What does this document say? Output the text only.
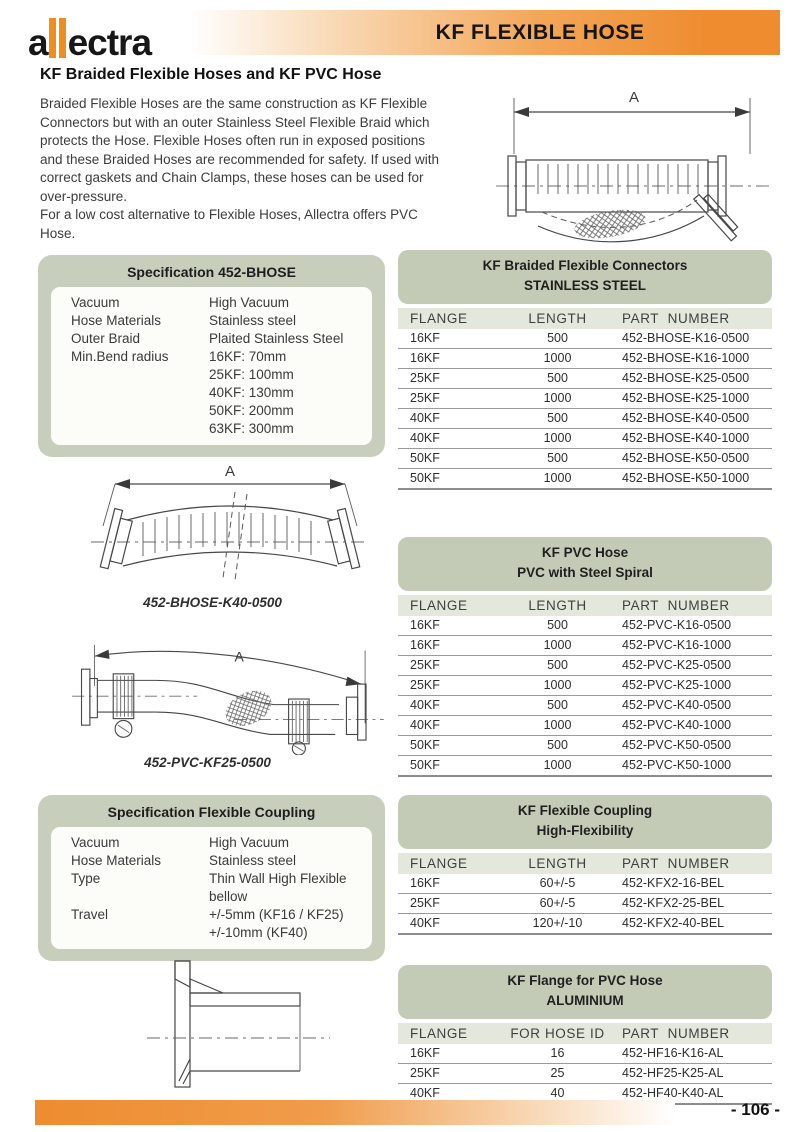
a ectra	KF FLEXIBLE HOSE
KF Braided Flexible Hoses and KF PVC Hose
Braided Flexible Hoses are the same construction as KF Flexible Connectors but with an outer Stainless Steel Flexible Braid which protects the Hose. Flexible Hoses often run in exposed positions and these Braided Hoses are recommended for safety. If used with correct gaskets and Chain Clamps, these hoses can be used for over-pressure.
For a low cost alternative to Flexible Hoses, Allectra offers PVC Hose.
A
Specification 452-BHOSE
Vacuum	High Vacuum
Hose Materials	Stainless steel
Outer Braid	Plaited Stainless Steel
Min.Bend radius	16KF: 70mm
25KF: 100mm
40KF: 130mm
50KF: 200mm
63KF: 300mm
KF Braided Flexible Connectors
STAINLESS STEEL
FLANGE	LENGTH	PART  NUMBER
16KF	500	452-BHOSE-K16-0500
16KF	1000	452-BHOSE-K16-1000
25KF	500	452-BHOSE-K25-0500
25KF	1000	452-BHOSE-K25-1000
40KF	500	452-BHOSE-K40-0500
40KF	1000	452-BHOSE-K40-1000
50KF	500	452-BHOSE-K50-0500
50KF	1000	452-BHOSE-K50-1000
A
452-BHOSE-K40-0500
KF PVC Hose
PVC with Steel Spiral
FLANGE	LENGTH	PART  NUMBER
16KF	500	452-PVC-K16-0500
16KF	1000	452-PVC-K16-1000
25KF	500	452-PVC-K25-0500
25KF	1000	452-PVC-K25-1000
40KF	500	452-PVC-K40-0500
40KF	1000	452-PVC-K40-1000
50KF	500	452-PVC-K50-0500
50KF	1000	452-PVC-K50-1000
A
452-PVC-KF25-0500
Specification Flexible Coupling
Vacuum	High Vacuum
Hose Materials	Stainless steel
Type	Thin Wall High Flexible bellow
Travel	+/-5mm (KF16 / KF25)
+/-10mm (KF40)
KF Flexible Coupling
High-Flexibility
FLANGE	LENGTH	PART  NUMBER
16KF	60+/-5	452-KFX2-16-BEL
25KF	60+/-5	452-KFX2-25-BEL
40KF	120+/-10	452-KFX2-40-BEL
KF Flange for PVC Hose
ALUMINIUM
FLANGE	FOR HOSE ID	PART  NUMBER
16KF	16	452-HF16-K16-AL
25KF	25	452-HF25-K25-AL
40KF	40	452-HF40-K40-AL
- 106 -
